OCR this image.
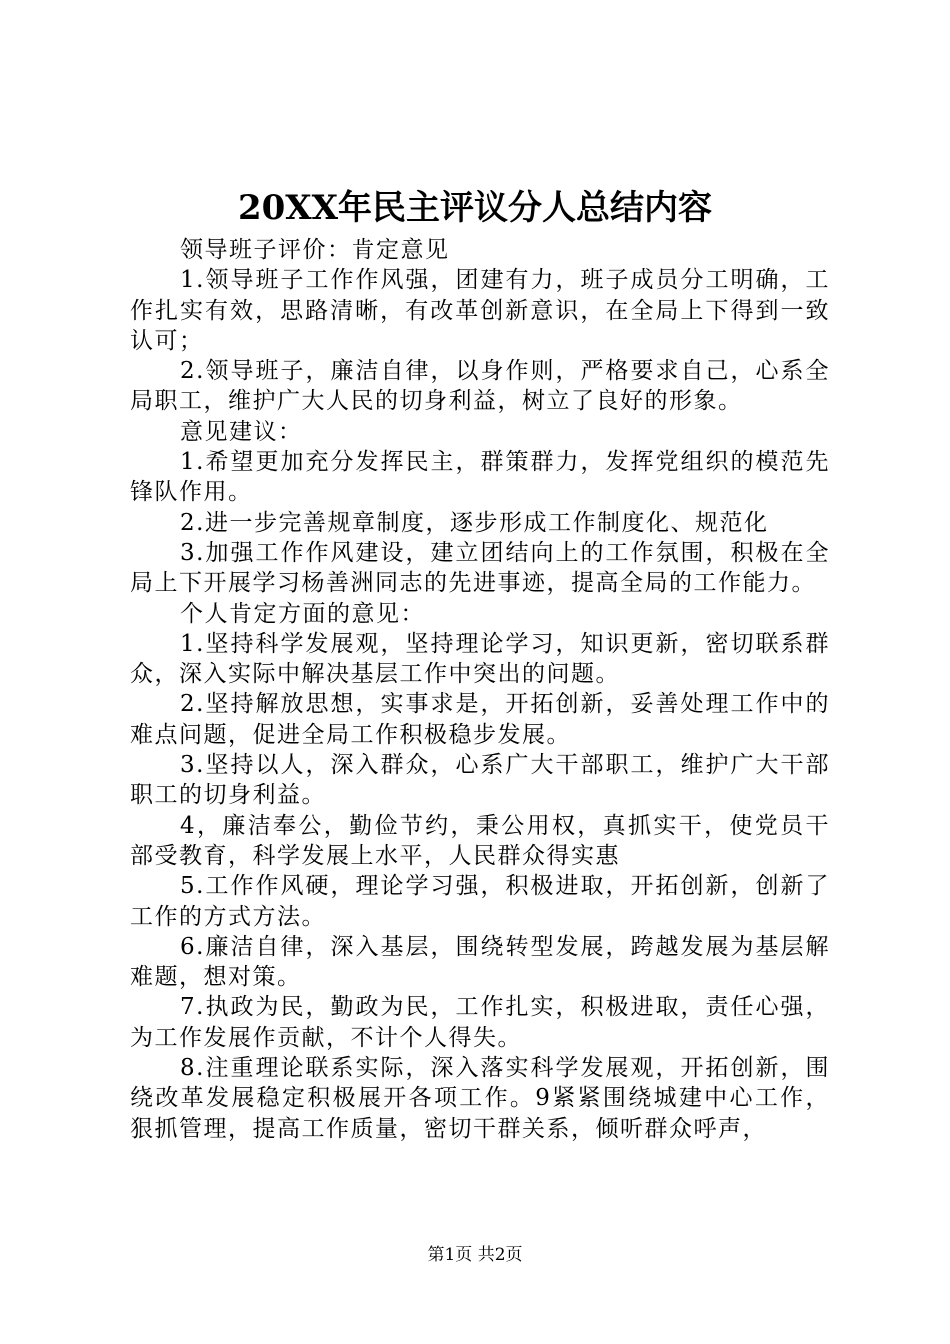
20XX年民主评议分人总结内容

领导班子评价：肯定意见

1.领导班子工作作风强，团建有力，班子成员分工明确，工作扎实有效，思路清晰，有改革创新意识，在全局上下得到一致认可；

2.领导班子，廉洁自律，以身作则，严格要求自己，心系全局职工，维护广大人民的切身利益，树立了良好的形象。

意见建议：

1.希望更加充分发挥民主，群策群力，发挥党组织的模范先锋队作用。

2.进一步完善规章制度，逐步形成工作制度化、规范化

3.加强工作作风建设，建立团结向上的工作氛围，积极在全局上下开展学习杨善洲同志的先进事迹，提高全局的工作能力。

个人肯定方面的意见：

1.坚持科学发展观，坚持理论学习，知识更新，密切联系群众，深入实际中解决基层工作中突出的问题。

2.坚持解放思想，实事求是，开拓创新，妥善处理工作中的难点问题，促进全局工作积极稳步发展。

3.坚持以人，深入群众，心系广大干部职工，维护广大干部职工的切身利益。

4，廉洁奉公，勤俭节约，秉公用权，真抓实干，使党员干部受教育，科学发展上水平，人民群众得实惠

5.工作作风硬，理论学习强，积极进取，开拓创新，创新了工作的方式方法。

6.廉洁自律，深入基层，围绕转型发展，跨越发展为基层解难题，想对策。

7.执政为民，勤政为民，工作扎实，积极进取，责任心强，为工作发展作贡献，不计个人得失。

8.注重理论联系实际，深入落实科学发展观，开拓创新，围绕改革发展稳定积极展开各项工作。9紧紧围绕城建中心工作，狠抓管理，提高工作质量，密切干群关系，倾听群众呼声，

第1页 共2页
